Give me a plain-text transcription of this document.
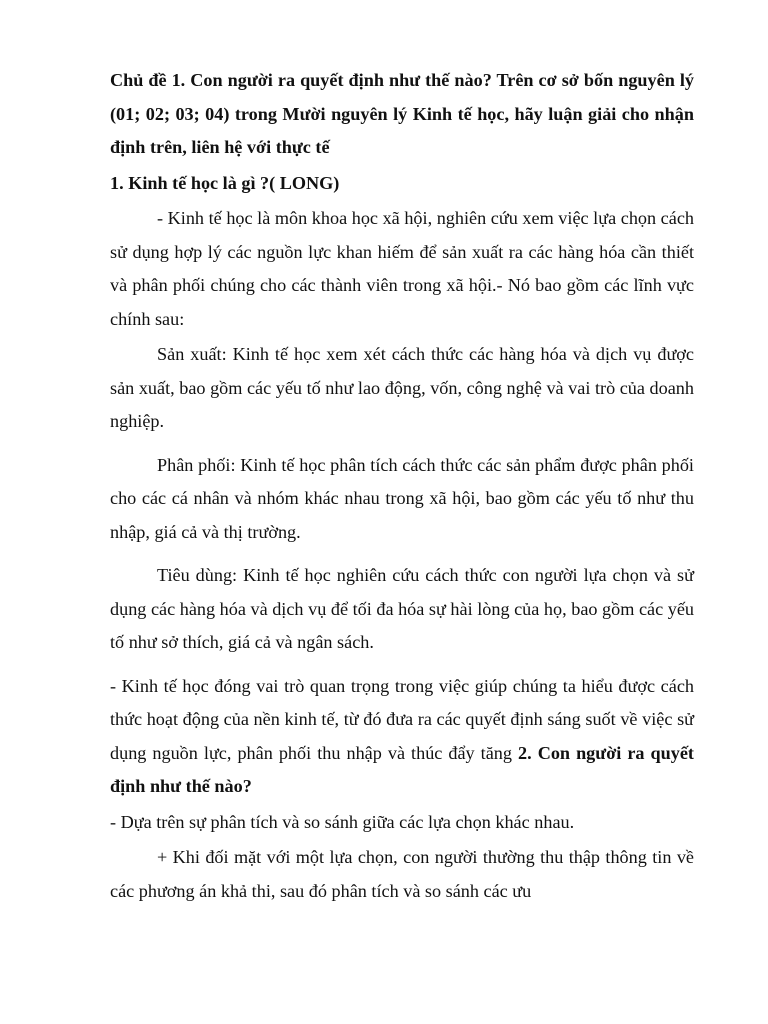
Chủ đề 1. Con người ra quyết định như thế nào? Trên cơ sở bốn nguyên lý (01; 02; 03; 04) trong Mười nguyên lý Kinh tế học, hãy luận giải cho nhận định trên, liên hệ với thực tế

1. Kinh tế học là gì ?( LONG)

- Kinh tế học là môn khoa học xã hội, nghiên cứu xem việc lựa chọn cách sử dụng hợp lý các nguồn lực khan hiếm để sản xuất ra các hàng hóa cần thiết và phân phối chúng cho các thành viên trong xã hội.- Nó bao gồm các lĩnh vực chính sau:

Sản xuất: Kinh tế học xem xét cách thức các hàng hóa và dịch vụ được sản xuất, bao gồm các yếu tố như lao động, vốn, công nghệ và vai trò của doanh nghiệp.

Phân phối: Kinh tế học phân tích cách thức các sản phẩm được phân phối cho các cá nhân và nhóm khác nhau trong xã hội, bao gồm các yếu tố như thu nhập, giá cả và thị trường.

Tiêu dùng: Kinh tế học nghiên cứu cách thức con người lựa chọn và sử dụng các hàng hóa và dịch vụ để tối đa hóa sự hài lòng của họ, bao gồm các yếu tố như sở thích, giá cả và ngân sách.

- Kinh tế học đóng vai trò quan trọng trong việc giúp chúng ta hiểu được cách thức hoạt động của nền kinh tế, từ đó đưa ra các quyết định sáng suốt về việc sử dụng nguồn lực, phân phối thu nhập và thúc đẩy tăng 2. Con người ra quyết định như thế nào?

- Dựa trên sự phân tích và so sánh giữa các lựa chọn khác nhau.

+ Khi đối mặt với một lựa chọn, con người thường thu thập thông tin về các phương án khả thi, sau đó phân tích và so sánh các ưu
